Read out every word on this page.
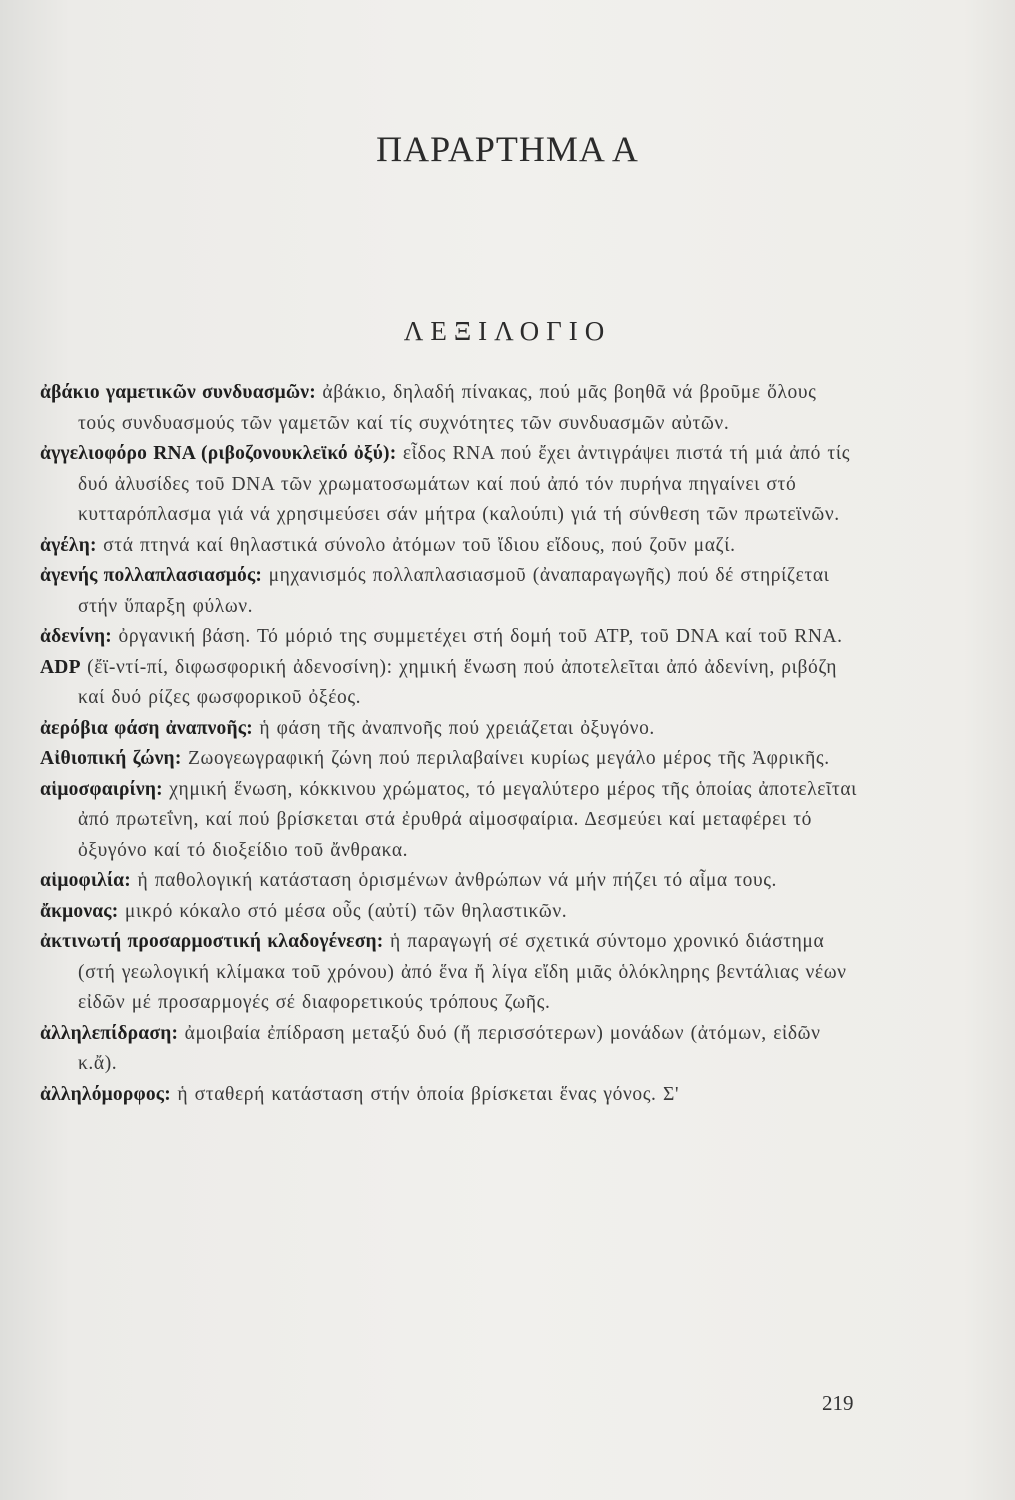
ΠΑΡΑΡΤΗΜΑ Α
ΛΕΞΙΛΟΓΙΟ
ἀβάκιο γαμετικῶν συνδυασμῶν: ἀβάκιο, δηλαδή πίνακας, πού μᾶς βοηθᾶ νά βροῦμε ὅλους τούς συνδυασμούς τῶν γαμετῶν καί τίς συχνότητες τῶν συνδυασμῶν αὐτῶν.
ἀγγελιοφόρο RNA (ριβοζονουκλεϊκό ὀξύ): εἶδος RNA πού ἔχει ἀντιγράψει πιστά τή μιά ἀπό τίς δυό ἀλυσίδες τοῦ DNA τῶν χρωματοσωμάτων καί πού ἀπό τόν πυρήνα πηγαίνει στό κυτταρόπλασμα γιά νά χρησιμεύσει σάν μήτρα (καλούπι) γιά τή σύνθεση τῶν πρωτεϊνῶν.
ἀγέλη: στά πτηνά καί θηλαστικά σύνολο ἀτόμων τοῦ ἴδιου εἴδους, πού ζοῦν μαζί.
ἀγενής πολλαπλασιασμός: μηχανισμός πολλαπλασιασμοῦ (ἀναπαραγωγῆς) πού δέ στηρίζεται στήν ὕπαρξη φύλων.
ἀδενίνη: ὀργανική βάση. Τό μόριό της συμμετέχει στή δομή τοῦ ATP, τοῦ DNA καί τοῦ RNA.
ADP (ἔϊ-ντί-πί, διφωσφορική ἀδενοσίνη): χημική ἕνωση πού ἀποτελεῖται ἀπό ἀδενίνη, ριβόζη καί δυό ρίζες φωσφορικοῦ ὀξέος.
ἀερόβια φάση ἀναπνοῆς: ἡ φάση τῆς ἀναπνοῆς πού χρειάζεται ὀξυγόνο.
Αἰθιοπική ζώνη: Ζωογεωγραφική ζώνη πού περιλαβαίνει κυρίως μεγάλο μέρος τῆς Ἀφρικῆς.
αἱμοσφαιρίνη: χημική ἕνωση, κόκκινου χρώματος, τό μεγαλύτερο μέρος τῆς ὁποίας ἀποτελεῖται ἀπό πρωτεΐνη, καί πού βρίσκεται στά ἐρυθρά αἱμοσφαίρια. Δεσμεύει καί μεταφέρει τό ὀξυγόνο καί τό διοξείδιο τοῦ ἄνθρακα.
αἱμοφιλία: ἡ παθολογική κατάσταση ὁρισμένων ἀνθρώπων νά μήν πήζει τό αἷμα τους.
ἄκμονας: μικρό κόκαλο στό μέσα οὖς (αὐτί) τῶν θηλαστικῶν.
ἀκτινωτή προσαρμοστική κλαδογένεση: ἡ παραγωγή σέ σχετικά σύντομο χρονικό διάστημα (στή γεωλογική κλίμακα τοῦ χρόνου) ἀπό ἕνα ἤ λίγα εἴδη μιᾶς ὁλόκληρης βεντάλιας νέων εἰδῶν μέ προσαρμογές σέ διαφορετικούς τρόπους ζωῆς.
ἀλληλεπίδραση: ἀμοιβαία ἐπίδραση μεταξύ δυό (ἤ περισσότερων) μονάδων (ἀτόμων, εἰδῶν κ.ἄ).
ἀλληλόμορφος: ἡ σταθερή κατάσταση στήν ὁποία βρίσκεται ἕνας γόνος. Σ'
219
